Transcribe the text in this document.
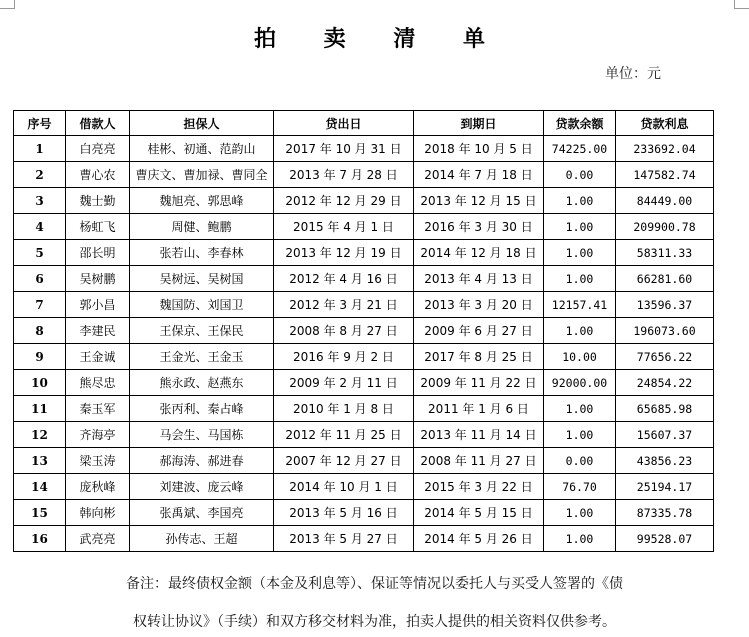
拍 卖 清 单
单位：元
序号	借款人	担保人	贷出日	到期日	贷款余额	贷款利息
1	白亮亮	桂彬、初通、范韵山	2017 年 10 月 31 日	2018 年 10 月 5 日	74225.00	233692.04
2	曹心农	曹庆文、曹加禄、曹同全	2013 年 7 月 28 日	2014 年 7 月 18 日	0.00	147582.74
3	魏士勤	魏旭亮、郭思峰	2012 年 12 月 29 日	2013 年 12 月 15 日	1.00	84449.00
4	杨虹飞	周健、鲍鹏	2015 年 4 月 1 日	2016 年 3 月 30 日	1.00	209900.78
5	邵长明	张若山、李春林	2013 年 12 月 19 日	2014 年 12 月 18 日	1.00	58311.33
6	吴树鹏	吴树远、吴树国	2012 年 4 月 16 日	2013 年 4 月 13 日	1.00	66281.60
7	郭小昌	魏国防、刘国卫	2012 年 3 月 21 日	2013 年 3 月 20 日	12157.41	13596.37
8	李建民	王保京、王保民	2008 年 8 月 27 日	2009 年 6 月 27 日	1.00	196073.60
9	王金诚	王金光、王金玉	2016 年 9 月 2 日	2017 年 8 月 25 日	10.00	77656.22
10	熊尽忠	熊永政、赵燕东	2009 年 2 月 11 日	2009 年 11 月 22 日	92000.00	24854.22
11	秦玉军	张丙利、秦占峰	2010 年 1 月 8 日	2011 年 1 月 6 日	1.00	65685.98
12	齐海亭	马会生、马国栋	2012 年 11 月 25 日	2013 年 11 月 14 日	1.00	15607.37
13	梁玉涛	郝海涛、郝进春	2007 年 12 月 27 日	2008 年 11 月 27 日	0.00	43856.23
14	庞秋峰	刘建波、庞云峰	2014 年 10 月 1 日	2015 年 3 月 22 日	76.70	25194.17
15	韩向彬	张禹斌、李国亮	2013 年 5 月 16 日	2014 年 5 月 15 日	1.00	87335.78
16	武亮亮	孙传志、王超	2013 年 5 月 27 日	2014 年 5 月 26 日	1.00	99528.07
备注：最终债权金额（本金及利息等）、保证等情况以委托人与买受人签署的《债
权转让协议》（手续）和双方移交材料为准，拍卖人提供的相关资料仅供参考。
